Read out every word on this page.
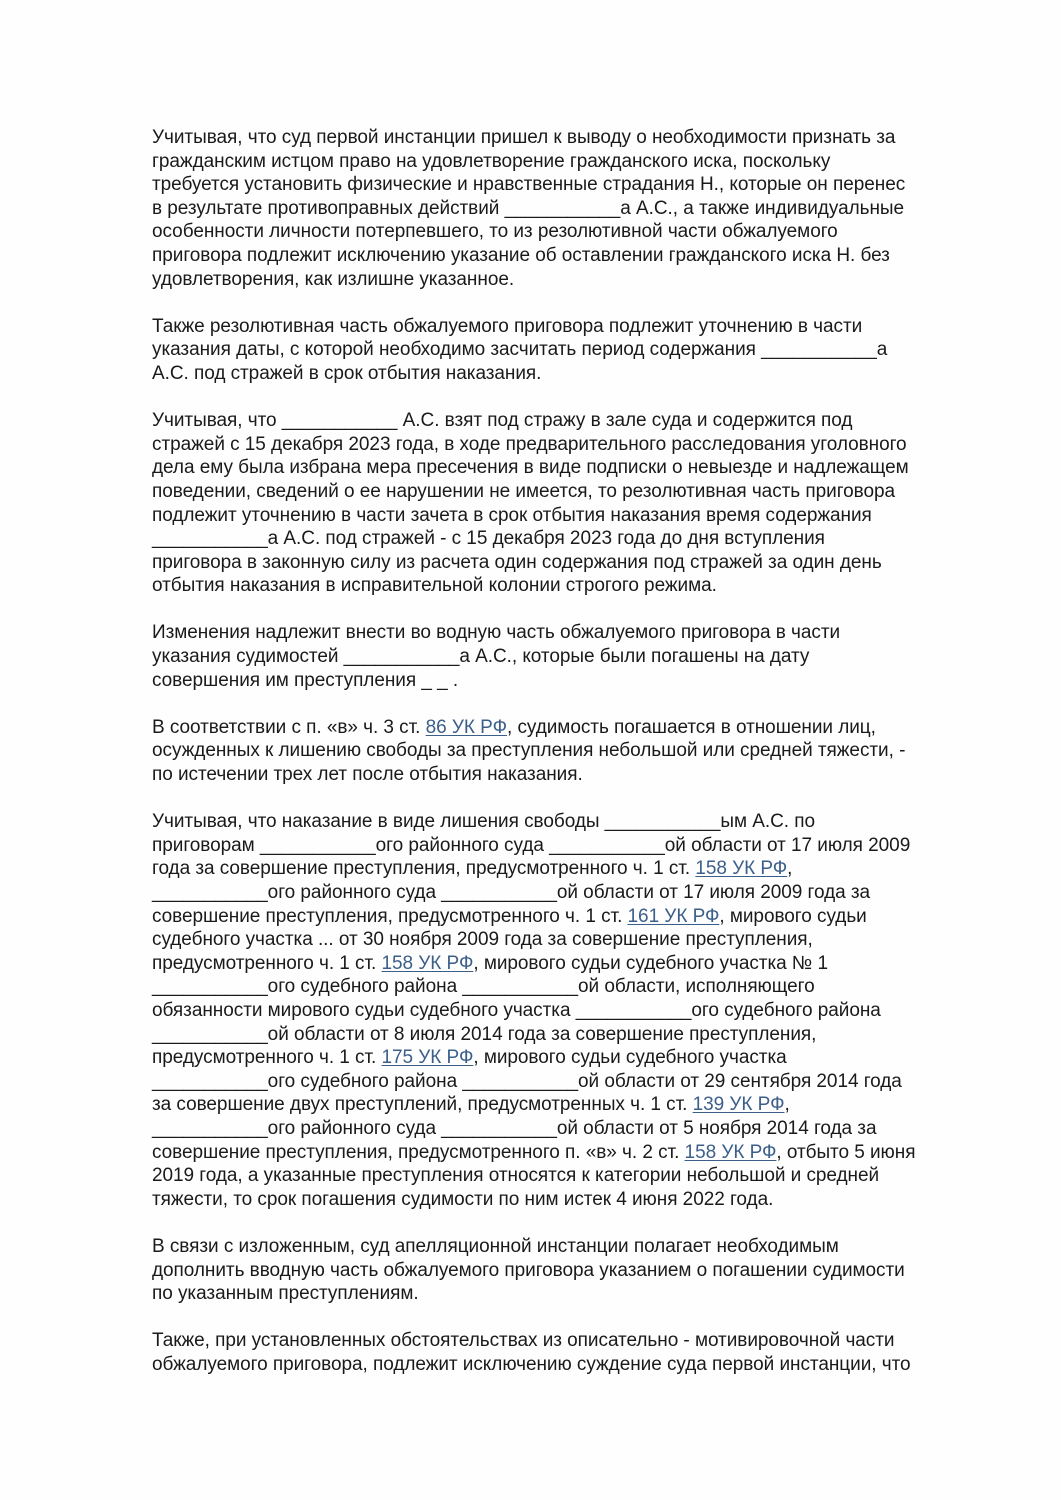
Учитывая, что суд первой инстанции пришел к выводу о необходимости признать за
гражданским истцом право на удовлетворение гражданского иска, поскольку
требуется установить физические и нравственные страдания Н., которые он перенес
в результате противоправных действий ___________а А.С., а также индивидуальные
особенности личности потерпевшего, то из резолютивной части обжалуемого
приговора подлежит исключению указание об оставлении гражданского иска Н. без
удовлетворения, как излишне указанное.
Также резолютивная часть обжалуемого приговора подлежит уточнению в части
указания даты, с которой необходимо засчитать период содержания ___________а
А.С. под стражей в срок отбытия наказания.
Учитывая, что ___________ А.С. взят под стражу в зале суда и содержится под
стражей с 15 декабря 2023 года, в ходе предварительного расследования уголовного
дела ему была избрана мера пресечения в виде подписки о невыезде и надлежащем
поведении, сведений о ее нарушении не имеется, то резолютивная часть приговора
подлежит уточнению в части зачета в срок отбытия наказания время содержания
___________а А.С. под стражей - с 15 декабря 2023 года до дня вступления
приговора в законную силу из расчета один содержания под стражей за один день
отбытия наказания в исправительной колонии строгого режима.
Изменения надлежит внести во водную часть обжалуемого приговора в части
указания судимостей ___________а А.С., которые были погашены на дату
совершения им преступления _ _ .
В соответствии с п. «в» ч. 3 ст. 86 УК РФ, судимость погашается в отношении лиц,
осужденных к лишению свободы за преступления небольшой или средней тяжести, -
по истечении трех лет после отбытия наказания.
Учитывая, что наказание в виде лишения свободы ___________ым А.С. по
приговорам ___________ого районного суда ___________ой области от 17 июля 2009
года за совершение преступления, предусмотренного ч. 1 ст. 158 УК РФ,
___________ого районного суда ___________ой области от 17 июля 2009 года за
совершение преступления, предусмотренного ч. 1 ст. 161 УК РФ, мирового судьи
судебного участка ... от 30 ноября 2009 года за совершение преступления,
предусмотренного ч. 1 ст. 158 УК РФ, мирового судьи судебного участка № 1
___________ого судебного района ___________ой области, исполняющего
обязанности мирового судьи судебного участка ___________ого судебного района
___________ой области от 8 июля 2014 года за совершение преступления,
предусмотренного ч. 1 ст. 175 УК РФ, мирового судьи судебного участка
___________ого судебного района ___________ой области от 29 сентября 2014 года
за совершение двух преступлений, предусмотренных ч. 1 ст. 139 УК РФ,
___________ого районного суда ___________ой области от 5 ноября 2014 года за
совершение преступления, предусмотренного п. «в» ч. 2 ст. 158 УК РФ, отбыто 5 июня
2019 года, а указанные преступления относятся к категории небольшой и средней
тяжести, то срок погашения судимости по ним истек 4 июня 2022 года.
В связи с изложенным, суд апелляционной инстанции полагает необходимым
дополнить вводную часть обжалуемого приговора указанием о погашении судимости
по указанным преступлениям.
Также, при установленных обстоятельствах из описательно - мотивировочной части
обжалуемого приговора, подлежит исключению суждение суда первой инстанции, что
